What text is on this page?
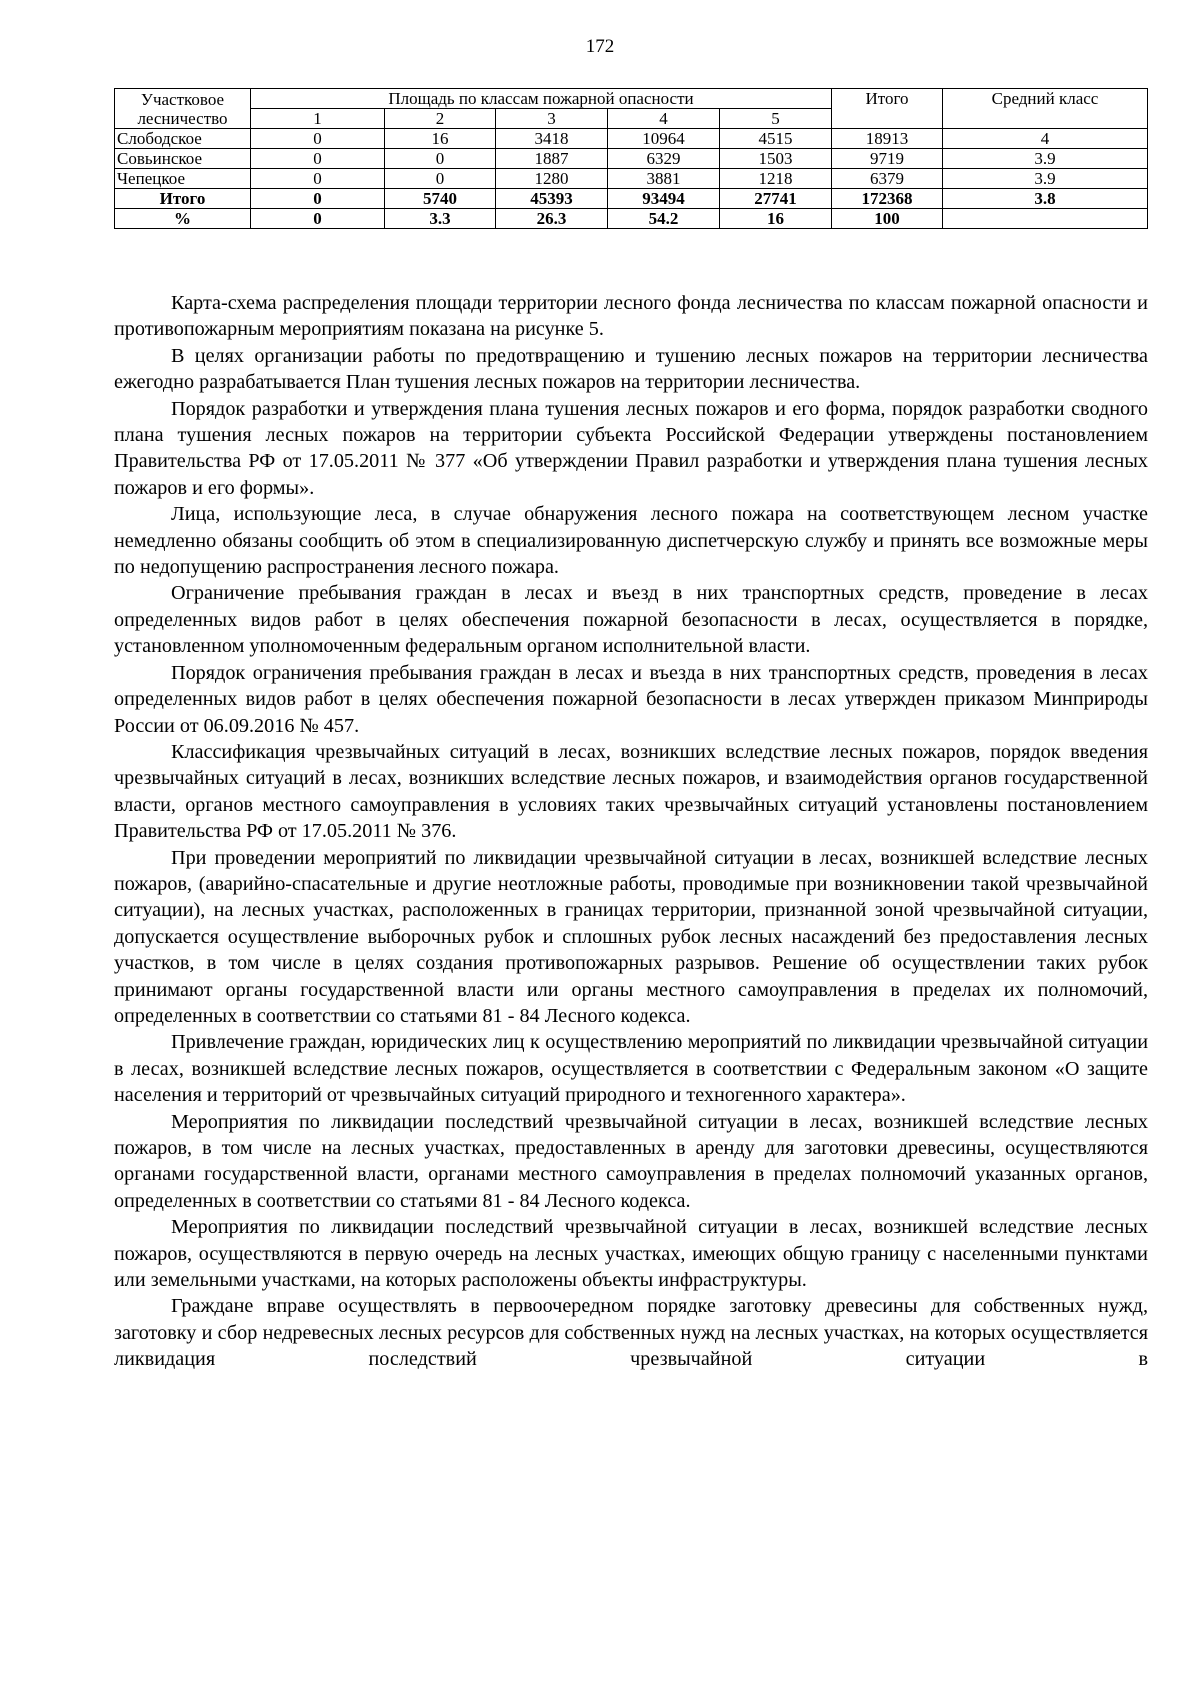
172
Участковое лесничество	Площадь по классам пожарной опасности					Итого	Средний класс
	1	2	3	4	5		
Слободское	0	16	3418	10964	4515	18913	4
Совьинское	0	0	1887	6329	1503	9719	3.9
Чепецкое	0	0	1280	3881	1218	6379	3.9
Итого	0	5740	45393	93494	27741	172368	3.8
%	0	3.3	26.3	54.2	16	100	

Карта-схема распределения площади территории лесного фонда лесничества по классам пожарной опасности и противопожарным мероприятиям показана на рисунке 5.

В целях организации работы по предотвращению и тушению лесных пожаров на территории лесничества ежегодно разрабатывается План тушения лесных пожаров на территории лесничества.

Порядок разработки и утверждения плана тушения лесных пожаров и его форма, порядок разработки сводного плана тушения лесных пожаров на территории субъекта Российской Федерации утверждены постановлением Правительства РФ от 17.05.2011 № 377 «Об утверждении Правил разработки и утверждения плана тушения лесных пожаров и его формы».

Лица, использующие леса, в случае обнаружения лесного пожара на соответствующем лесном участке немедленно обязаны сообщить об этом в специализированную диспетчерскую службу и принять все возможные меры по недопущению распространения лесного пожара.

Ограничение пребывания граждан в лесах и въезд в них транспортных средств, проведение в лесах определенных видов работ в целях обеспечения пожарной безопасности в лесах, осуществляется в порядке, установленном уполномоченным федеральным органом исполнительной власти.

Порядок ограничения пребывания граждан в лесах и въезда в них транспортных средств, проведения в лесах определенных видов работ в целях обеспечения пожарной безопасности в лесах утвержден приказом Минприроды России от 06.09.2016 № 457.

Классификация чрезвычайных ситуаций в лесах, возникших вследствие лесных пожаров, порядок введения чрезвычайных ситуаций в лесах, возникших вследствие лесных пожаров, и взаимодействия органов государственной власти, органов местного самоуправления в условиях таких чрезвычайных ситуаций установлены постановлением Правительства РФ от 17.05.2011 № 376.

При проведении мероприятий по ликвидации чрезвычайной ситуации в лесах, возникшей вследствие лесных пожаров, (аварийно-спасательные и другие неотложные работы, проводимые при возникновении такой чрезвычайной ситуации), на лесных участках, расположенных в границах территории, признанной зоной чрезвычайной ситуации, допускается осуществление выборочных рубок и сплошных рубок лесных насаждений без предоставления лесных участков, в том числе в целях создания противопожарных разрывов. Решение об осуществлении таких рубок принимают органы государственной власти или органы местного самоуправления в пределах их полномочий, определенных в соответствии со статьями 81 - 84 Лесного кодекса.

Привлечение граждан, юридических лиц к осуществлению мероприятий по ликвидации чрезвычайной ситуации в лесах, возникшей вследствие лесных пожаров, осуществляется в соответствии с Федеральным законом «О защите населения и территорий от чрезвычайных ситуаций природного и техногенного характера».

Мероприятия по ликвидации последствий чрезвычайной ситуации в лесах, возникшей вследствие лесных пожаров, в том числе на лесных участках, предоставленных в аренду для заготовки древесины, осуществляются органами государственной власти, органами местного самоуправления в пределах полномочий указанных органов, определенных в соответствии со статьями 81 - 84 Лесного кодекса.

Мероприятия по ликвидации последствий чрезвычайной ситуации в лесах, возникшей вследствие лесных пожаров, осуществляются в первую очередь на лесных участках, имеющих общую границу с населенными пунктами или земельными участками, на которых расположены объекты инфраструктуры.

Граждане вправе осуществлять в первоочередном порядке заготовку древесины для собственных нужд, заготовку и сбор недревесных лесных ресурсов для собственных нужд на лесных участках, на которых осуществляется ликвидация последствий чрезвычайной ситуации в
